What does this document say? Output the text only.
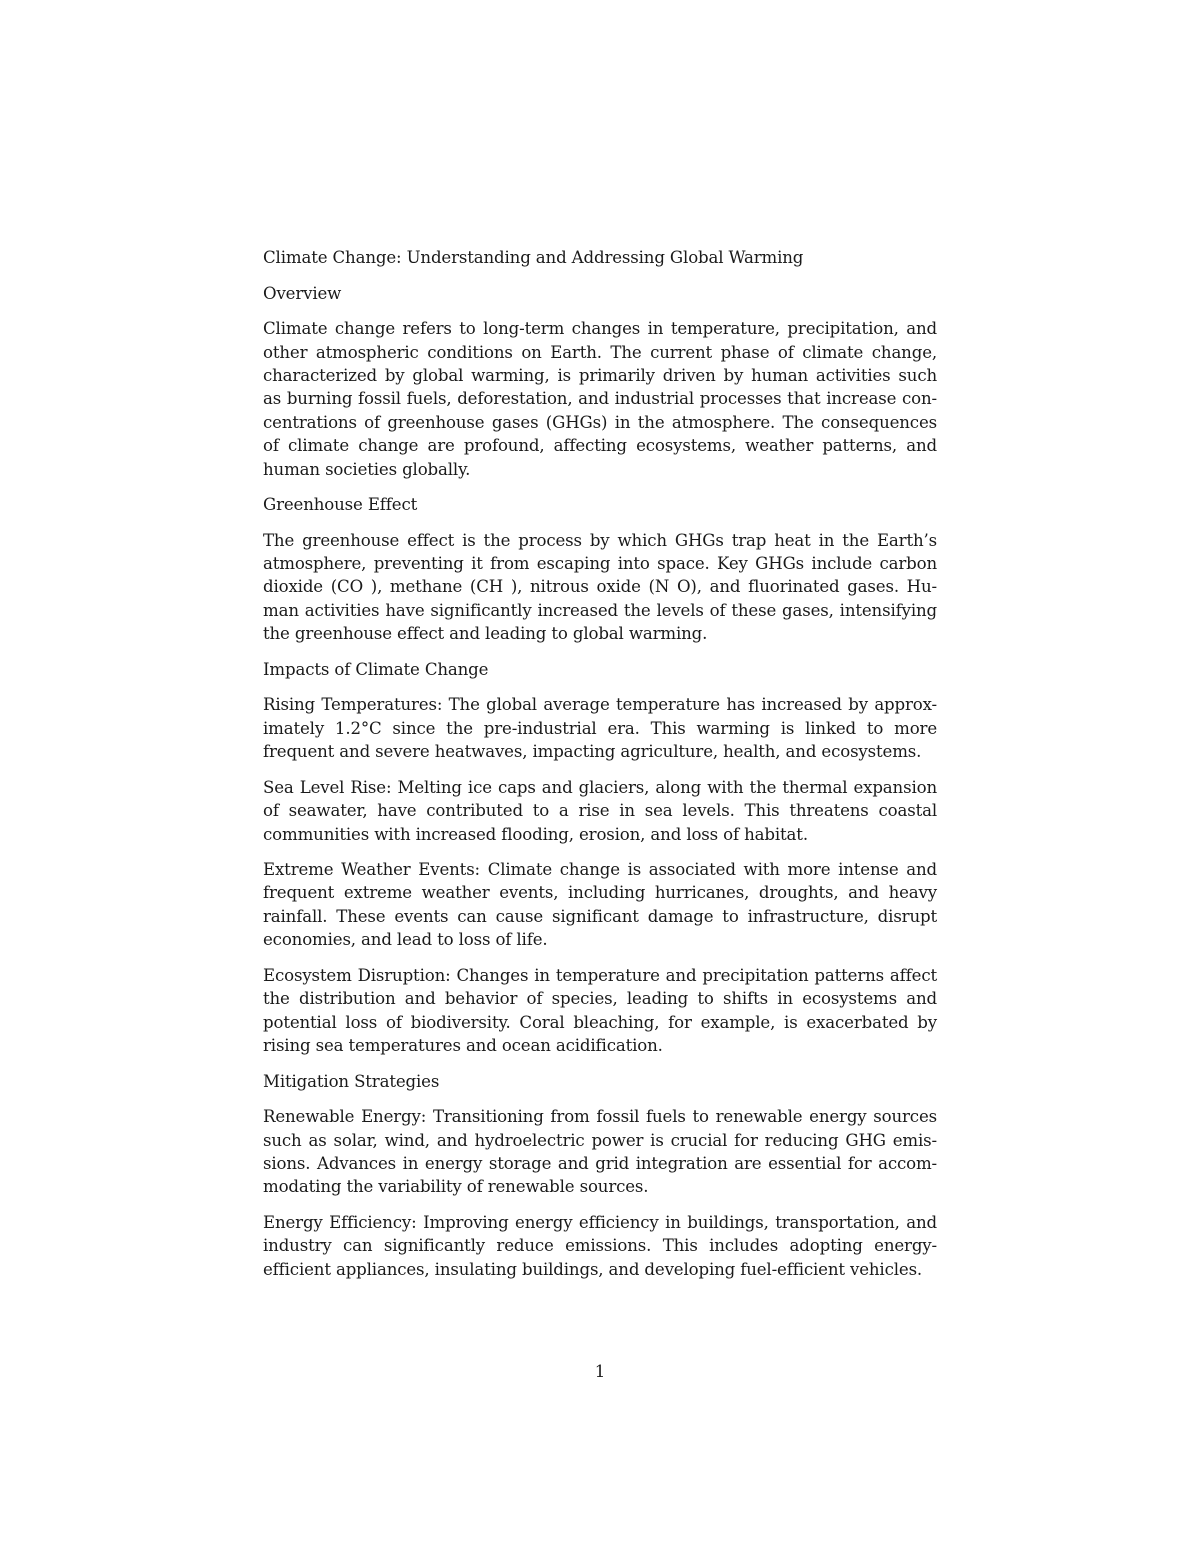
Climate Change: Understanding and Addressing Global Warming
Overview
Climate change refers to long-term changes in temperature, precipitation, and
other atmospheric conditions on Earth. The current phase of climate change,
characterized by global warming, is primarily driven by human activities such
as burning fossil fuels, deforestation, and industrial processes that increase con-
centrations of greenhouse gases (GHGs) in the atmosphere. The consequences
of climate change are profound, affecting ecosystems, weather patterns, and
human societies globally.
Greenhouse Effect
The greenhouse effect is the process by which GHGs trap heat in the Earth’s
atmosphere, preventing it from escaping into space. Key GHGs include carbon
dioxide (CO ), methane (CH ), nitrous oxide (N O), and fluorinated gases. Hu-
man activities have significantly increased the levels of these gases, intensifying
the greenhouse effect and leading to global warming.
Impacts of Climate Change
Rising Temperatures: The global average temperature has increased by approx-
imately 1.2°C since the pre-industrial era. This warming is linked to more
frequent and severe heatwaves, impacting agriculture, health, and ecosystems.
Sea Level Rise: Melting ice caps and glaciers, along with the thermal expansion
of seawater, have contributed to a rise in sea levels. This threatens coastal
communities with increased flooding, erosion, and loss of habitat.
Extreme Weather Events: Climate change is associated with more intense and
frequent extreme weather events, including hurricanes, droughts, and heavy
rainfall. These events can cause significant damage to infrastructure, disrupt
economies, and lead to loss of life.
Ecosystem Disruption: Changes in temperature and precipitation patterns affect
the distribution and behavior of species, leading to shifts in ecosystems and
potential loss of biodiversity. Coral bleaching, for example, is exacerbated by
rising sea temperatures and ocean acidification.
Mitigation Strategies
Renewable Energy: Transitioning from fossil fuels to renewable energy sources
such as solar, wind, and hydroelectric power is crucial for reducing GHG emis-
sions. Advances in energy storage and grid integration are essential for accom-
modating the variability of renewable sources.
Energy Efficiency: Improving energy efficiency in buildings, transportation, and
industry can significantly reduce emissions. This includes adopting energy-
efficient appliances, insulating buildings, and developing fuel-efficient vehicles.
1
